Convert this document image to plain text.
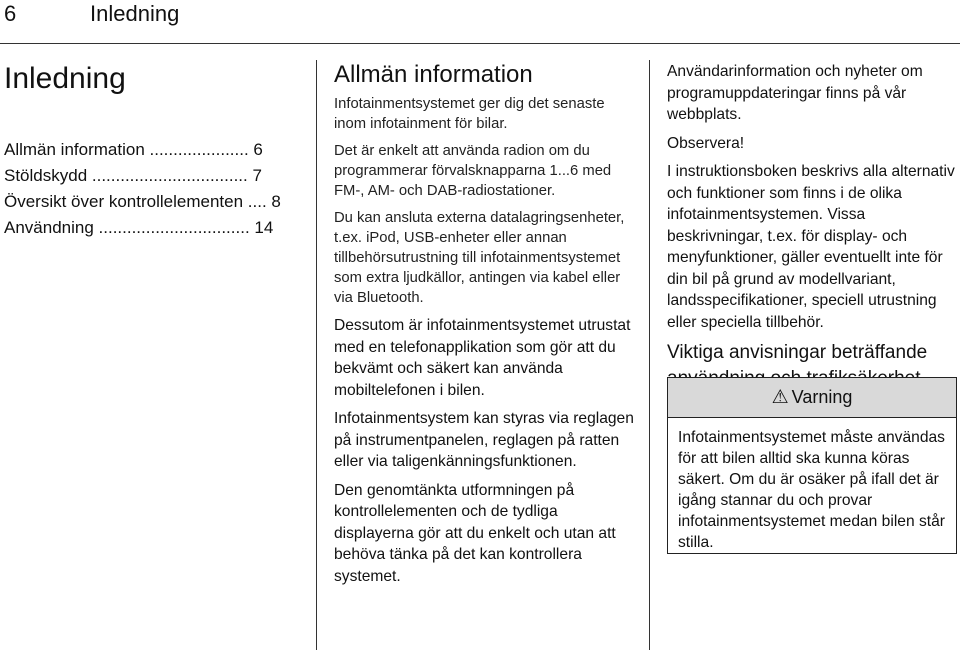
6	Inledning
Inledning
Allmän information ..................... 6
Stöldskydd ................................. 7
Översikt över kontrollelementen .... 8
Användning ................................ 14
Allmän information

Infotainmentsystemet ger dig det senaste inom infotainment för bilar.

Det är enkelt att använda radion om du programmerar förvalsknapparna 1...6 med FM-, AM- och DAB-radiostationer.

Du kan ansluta externa datalagringsenheter, t.ex. iPod, USB-enheter eller annan tillbehörsutrustning till infotainmentsystemet som extra ljudkällor, antingen via kabel eller via Bluetooth.

Dessutom är infotainmentsystemet utrustat med en telefonapplikation som gör att du bekvämt och säkert kan använda mobiltelefonen i bilen.

Infotainmentsystem kan styras via reglagen på instrumentpanelen, reglagen på ratten eller via taligenkänningsfunktionen.

Den genomtänkta utformningen på kontrollelementen och de tydliga displayerna gör att du enkelt och utan att behöva tänka på det kan kontrollera systemet.

Användarinformation och nyheter om programuppdateringar finns på vår webbplats.

Observera!

I instruktionsboken beskrivs alla alternativ och funktioner som finns i de olika infotainmentsystemen. Vissa beskrivningar, t.ex. för display- och menyfunktioner, gäller eventuellt inte för din bil på grund av modellvariant, landsspecifikationer, speciell utrustning eller speciella tillbehör.

Viktiga anvisningar beträffande
⚠ Varning
Infotainmentsystemet måste användas för att bilen alltid ska kunna köras säkert. Om du är osäker på ifall det är igång stannar du och provar infotainmentsystemet medan bilen står stilla.
